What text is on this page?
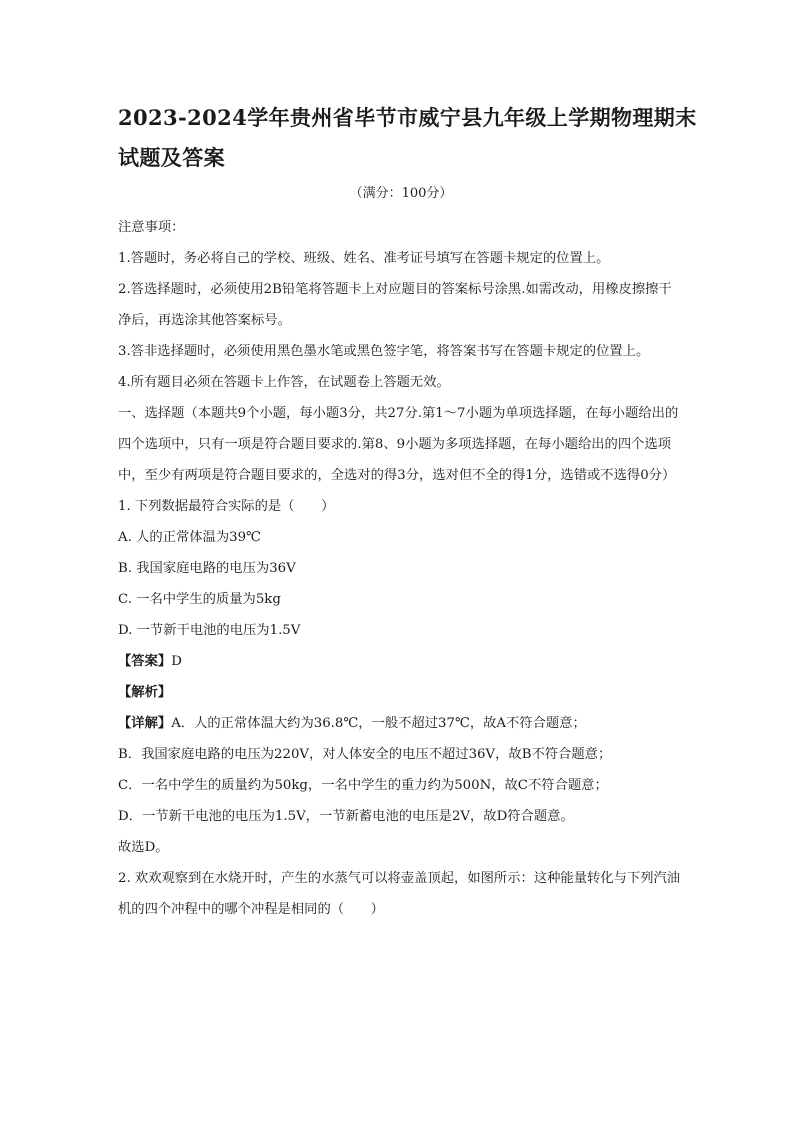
2023-2024学年贵州省毕节市威宁县九年级上学期物理期末
试题及答案
（满分：100分）

注意事项：

1.答题时，务必将自己的学校、班级、姓名、准考证号填写在答题卡规定的位置上。

2.答选择题时，必须使用2B铅笔将答题卡上对应题目的答案标号涂黑.如需改动，用橡皮擦擦干净后，再选涂其他答案标号。

3.答非选择题时，必须使用黑色墨水笔或黑色签字笔，将答案书写在答题卡规定的位置上。

4.所有题目必须在答题卡上作答，在试题卷上答题无效。

一、选择题（本题共9个小题，每小题3分，共27分.第1～7小题为单项选择题，在每小题给出的四个选项中，只有一项是符合题目要求的.第8、9小题为多项选择题，在每小题给出的四个选项中，至少有两项是符合题目要求的，全选对的得3分，选对但不全的得1分，选错或不选得0分）

1. 下列数据最符合实际的是（　　）

A. 人的正常体温为39℃

B. 我国家庭电路的电压为36V

C. 一名中学生的质量为5kg

D. 一节新干电池的电压为1.5V

【答案】D

【解析】

【详解】A．人的正常体温大约为36.8℃，一般不超过37℃，故A不符合题意；

B．我国家庭电路的电压为220V，对人体安全的电压不超过36V，故B不符合题意；

C．一名中学生的质量约为50kg，一名中学生的重力约为500N，故C不符合题意；

D．一节新干电池的电压为1.5V，一节新蓄电池的电压是2V，故D符合题意。

故选D。

2. 欢欢观察到在水烧开时，产生的水蒸气可以将壶盖顶起，如图所示：这种能量转化与下列汽油机的四个冲程中的哪个冲程是相同的（　　）
